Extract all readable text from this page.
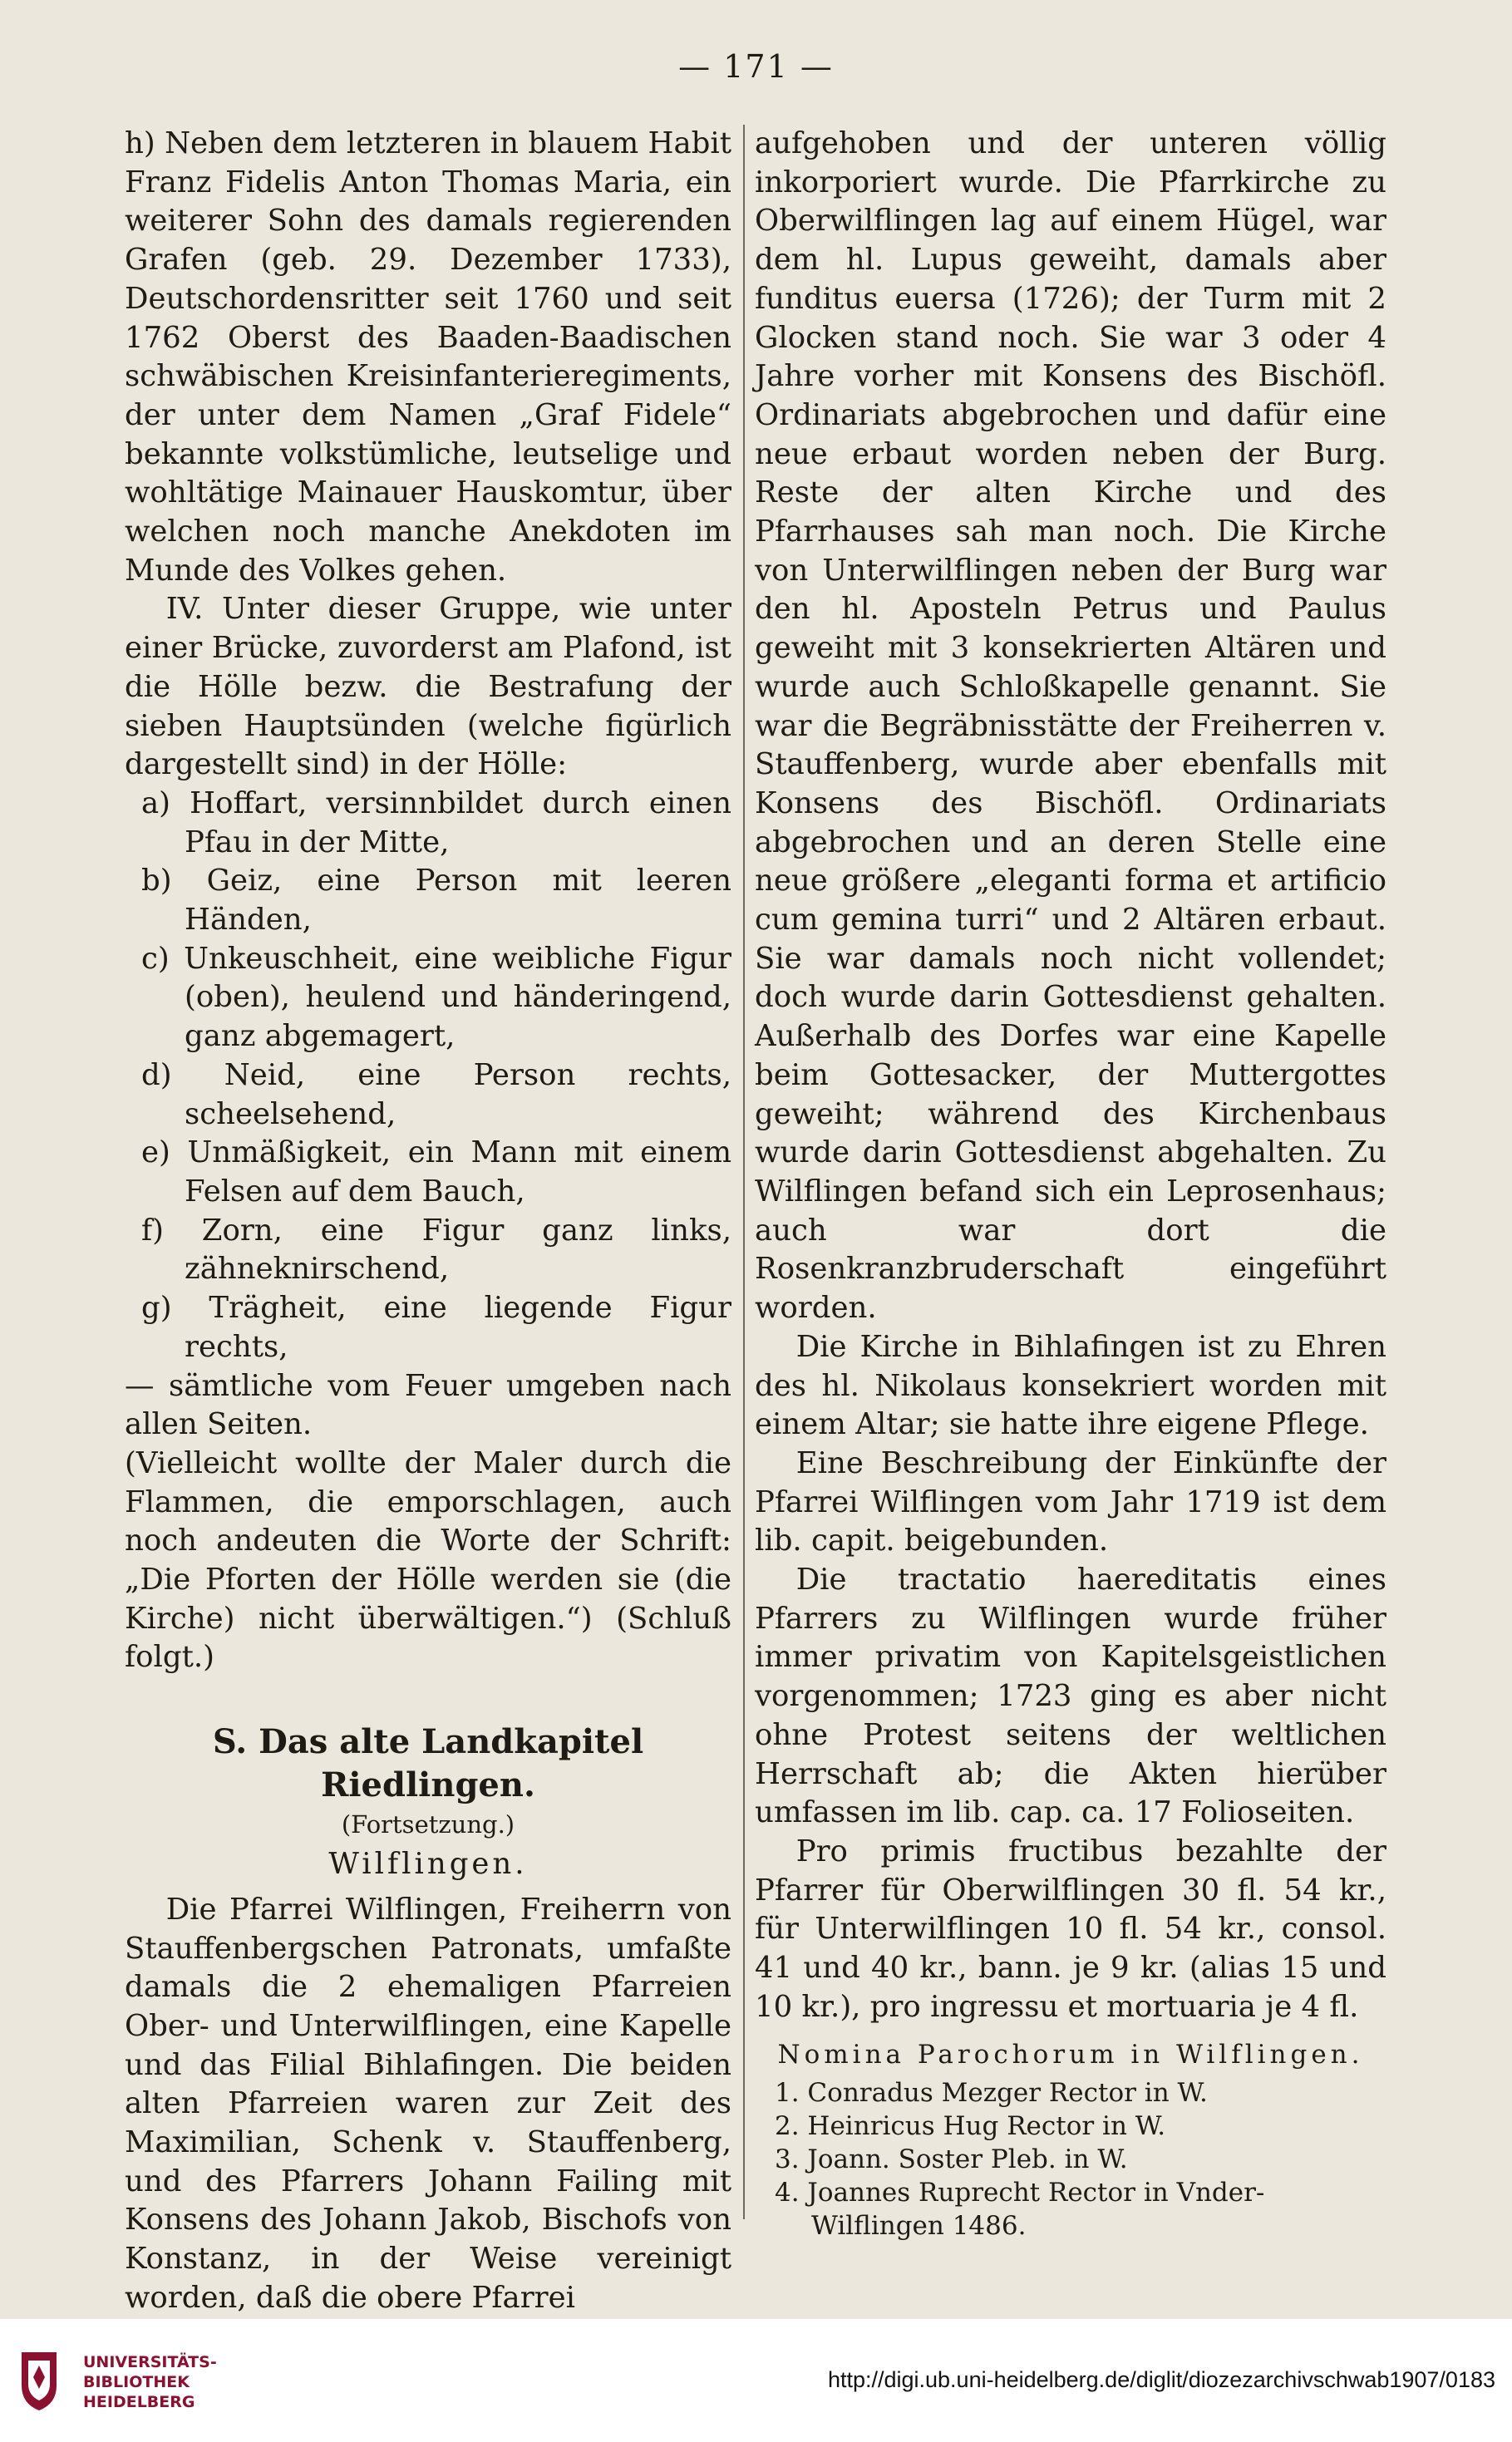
— 171 —

h) Neben dem letzteren in blauem Habit Franz Fidelis Anton Thomas Maria, ein weiterer Sohn des damals regierenden Grafen (geb. 29. Dezember 1733), Deutschordensritter seit 1760 und seit 1762 Oberst des Baaden-Baadischen schwäbischen Kreisinfanterieregiments, der unter dem Namen „Graf Fidele“ bekannte volkstümliche, leutselige und wohltätige Mainauer Hauskomtur, über welchen noch manche Anekdoten im Munde des Volkes gehen.

IV. Unter dieser Gruppe, wie unter einer Brücke, zuvorderst am Plafond, ist die Hölle bezw. die Bestrafung der sieben Hauptsünden (welche figürlich dargestellt sind) in der Hölle:

a) Hoffart, versinnbildet durch einen Pfau in der Mitte,
b) Geiz, eine Person mit leeren Händen,
c) Unkeuschheit, eine weibliche Figur (oben), heulend und händeringend, ganz abgemagert,
d) Neid, eine Person rechts, scheelsehend,
e) Unmäßigkeit, ein Mann mit einem Felsen auf dem Bauch,
f) Zorn, eine Figur ganz links, zähneknirschend,
g) Trägheit, eine liegende Figur rechts,

— sämtliche vom Feuer umgeben nach allen Seiten.

(Vielleicht wollte der Maler durch die Flammen, die emporschlagen, auch noch andeuten die Worte der Schrift: „Die Pforten der Hölle werden sie (die Kirche) nicht überwältigen.“) (Schluß folgt.)

S. Das alte Landkapitel Riedlingen.
(Fortsetzung.)
Wilflingen.

Die Pfarrei Wilflingen, Freiherrn von Stauffenbergschen Patronats, umfaßte damals die 2 ehemaligen Pfarreien Ober- und Unterwilflingen, eine Kapelle und das Filial Bihlafingen. Die beiden alten Pfarreien waren zur Zeit des Maximilian, Schenk v. Stauffenberg, und des Pfarrers Johann Failing mit Konsens des Johann Jakob, Bischofs von Konstanz, in der Weise vereinigt worden, daß die obere Pfarrei

aufgehoben und der unteren völlig inkorporiert wurde. Die Pfarrkirche zu Oberwilflingen lag auf einem Hügel, war dem hl. Lupus geweiht, damals aber funditus euersa (1726); der Turm mit 2 Glocken stand noch. Sie war 3 oder 4 Jahre vorher mit Konsens des Bischöfl. Ordinariats abgebrochen und dafür eine neue erbaut worden neben der Burg. Reste der alten Kirche und des Pfarrhauses sah man noch. Die Kirche von Unterwilflingen neben der Burg war den hl. Aposteln Petrus und Paulus geweiht mit 3 konsekrierten Altären und wurde auch Schloßkapelle genannt. Sie war die Begräbnisstätte der Freiherren v. Stauffenberg, wurde aber ebenfalls mit Konsens des Bischöfl. Ordinariats abgebrochen und an deren Stelle eine neue größere „eleganti forma et artificio cum gemina turri“ und 2 Altären erbaut. Sie war damals noch nicht vollendet; doch wurde darin Gottesdienst gehalten. Außerhalb des Dorfes war eine Kapelle beim Gottesacker, der Muttergottes geweiht; während des Kirchenbaus wurde darin Gottesdienst abgehalten. Zu Wilflingen befand sich ein Leprosenhaus; auch war dort die Rosenkranzbruderschaft eingeführt worden.

Die Kirche in Bihlafingen ist zu Ehren des hl. Nikolaus konsekriert worden mit einem Altar; sie hatte ihre eigene Pflege.

Eine Beschreibung der Einkünfte der Pfarrei Wilflingen vom Jahr 1719 ist dem lib. capit. beigebunden.

Die tractatio haereditatis eines Pfarrers zu Wilflingen wurde früher immer privatim von Kapitelsgeistlichen vorgenommen; 1723 ging es aber nicht ohne Protest seitens der weltlichen Herrschaft ab; die Akten hierüber umfassen im lib. cap. ca. 17 Folioseiten.

Pro primis fructibus bezahlte der Pfarrer für Oberwilflingen 30 fl. 54 kr., für Unterwilflingen 10 fl. 54 kr., consol. 41 und 40 kr., bann. je 9 kr. (alias 15 und 10 kr.), pro ingressu et mortuaria je 4 fl.

Nomina Parochorum in Wilflingen.
1. Conradus Mezger Rector in W.
2. Heinricus Hug Rector in W.
3. Joann. Soster Pleb. in W.
4. Joannes Ruprecht Rector in Vnder-Wilflingen 1486.
UNIVERSITÄTS-
BIBLIOTHEK
HEIDELBERG
http://digi.ub.uni-heidelberg.de/diglit/diozezarchivschwab1907/0183
